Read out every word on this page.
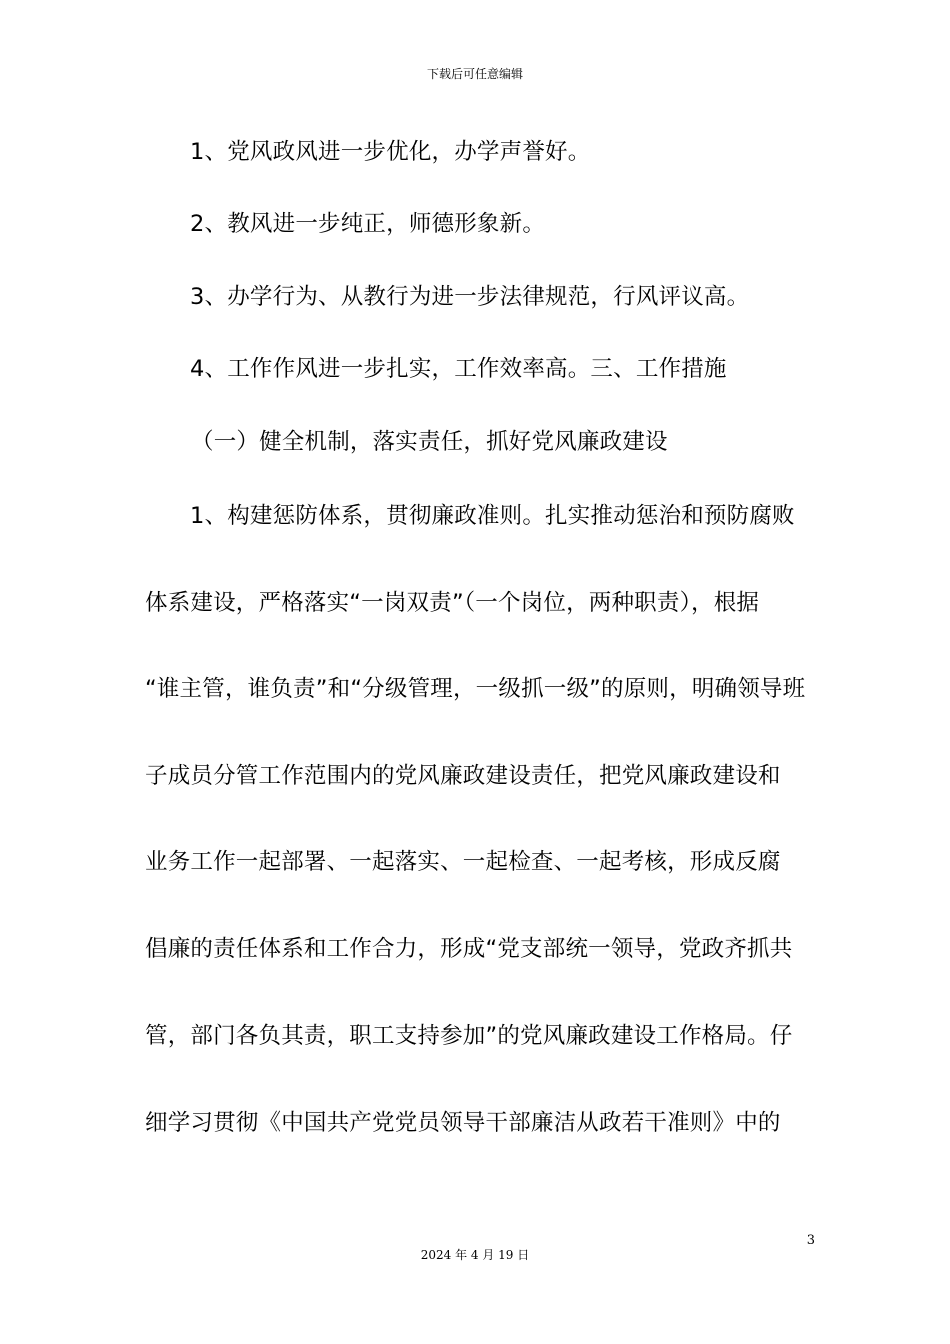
下载后可任意编辑
1、党风政风进一步优化，办学声誉好。
2、教风进一步纯正，师德形象新。
3、办学行为、从教行为进一步法律规范，行风评议高。
4、工作作风进一步扎实，工作效率高。三、工作措施
（一）健全机制，落实责任，抓好党风廉政建设
1、构建惩防体系，贯彻廉政准则。扎实推动惩治和预防腐败
体系建设，严格落实“一岗双责”（一个岗位，两种职责），根据
“谁主管，谁负责”和“分级管理，一级抓一级”的原则，明确领导班
子成员分管工作范围内的党风廉政建设责任，把党风廉政建设和
业务工作一起部署、一起落实、一起检查、一起考核，形成反腐
倡廉的责任体系和工作合力，形成“党支部统一领导，党政齐抓共
管，部门各负其责，职工支持参加”的党风廉政建设工作格局。仔
细学习贯彻《中国共产党党员领导干部廉洁从政若干准则》中的
3
2024 年 4 月 19 日
